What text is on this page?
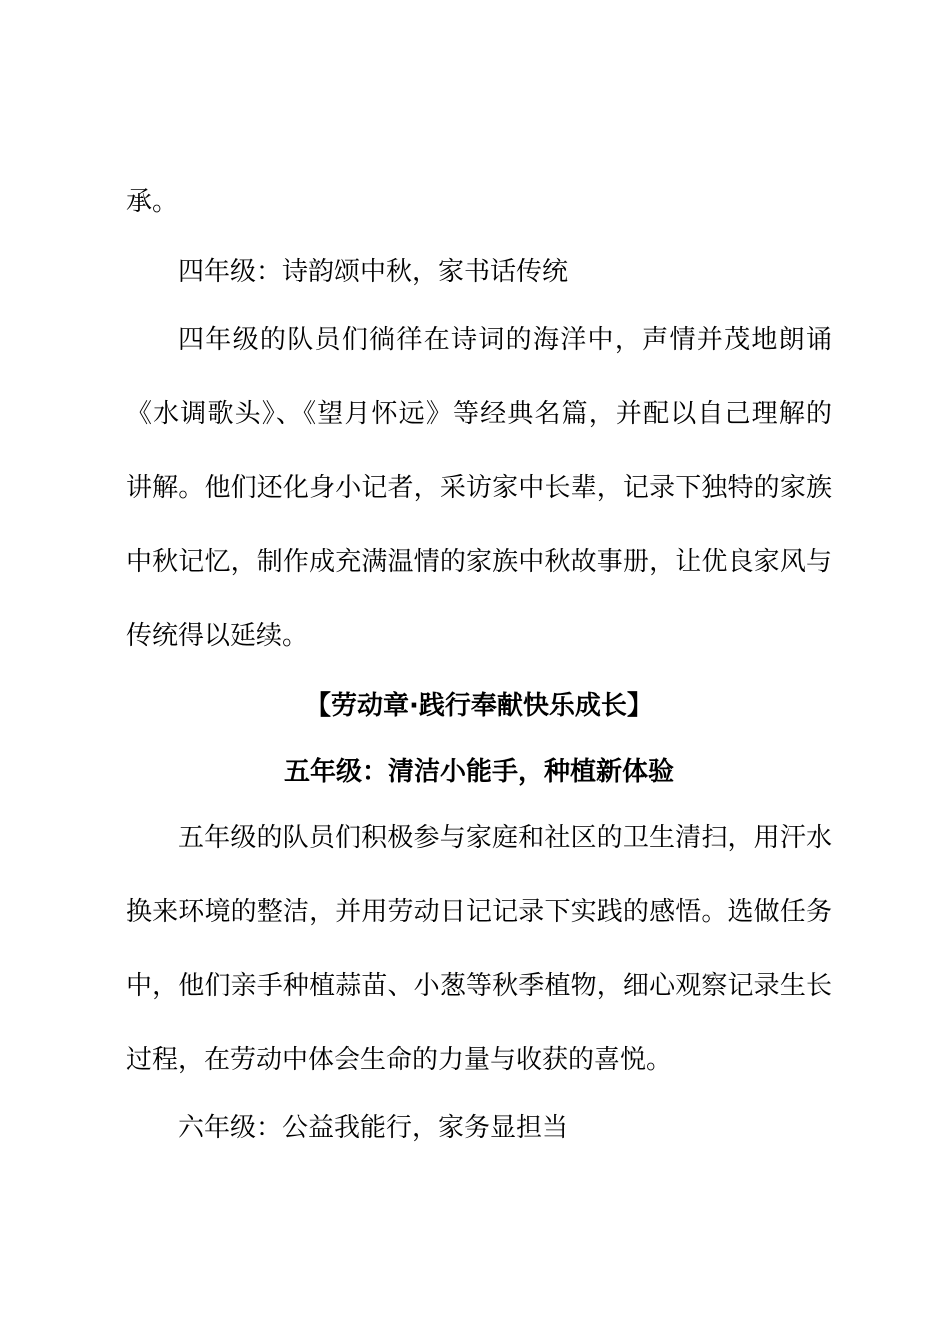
承。
四年级：诗韵颂中秋，家书话传统
四年级的队员们徜徉在诗词的海洋中，声情并茂地朗诵
《水调歌头》、《望月怀远》等经典名篇，并配以自己理解的
讲解。他们还化身小记者，采访家中长辈，记录下独特的家族
中秋记忆，制作成充满温情的家族中秋故事册，让优良家风与
传统得以延续。
【劳动章·践行奉献快乐成长】
五年级：清洁小能手，种植新体验
五年级的队员们积极参与家庭和社区的卫生清扫，用汗水
换来环境的整洁，并用劳动日记记录下实践的感悟。选做任务
中，他们亲手种植蒜苗、小葱等秋季植物，细心观察记录生长
过程，在劳动中体会生命的力量与收获的喜悦。
六年级：公益我能行，家务显担当
